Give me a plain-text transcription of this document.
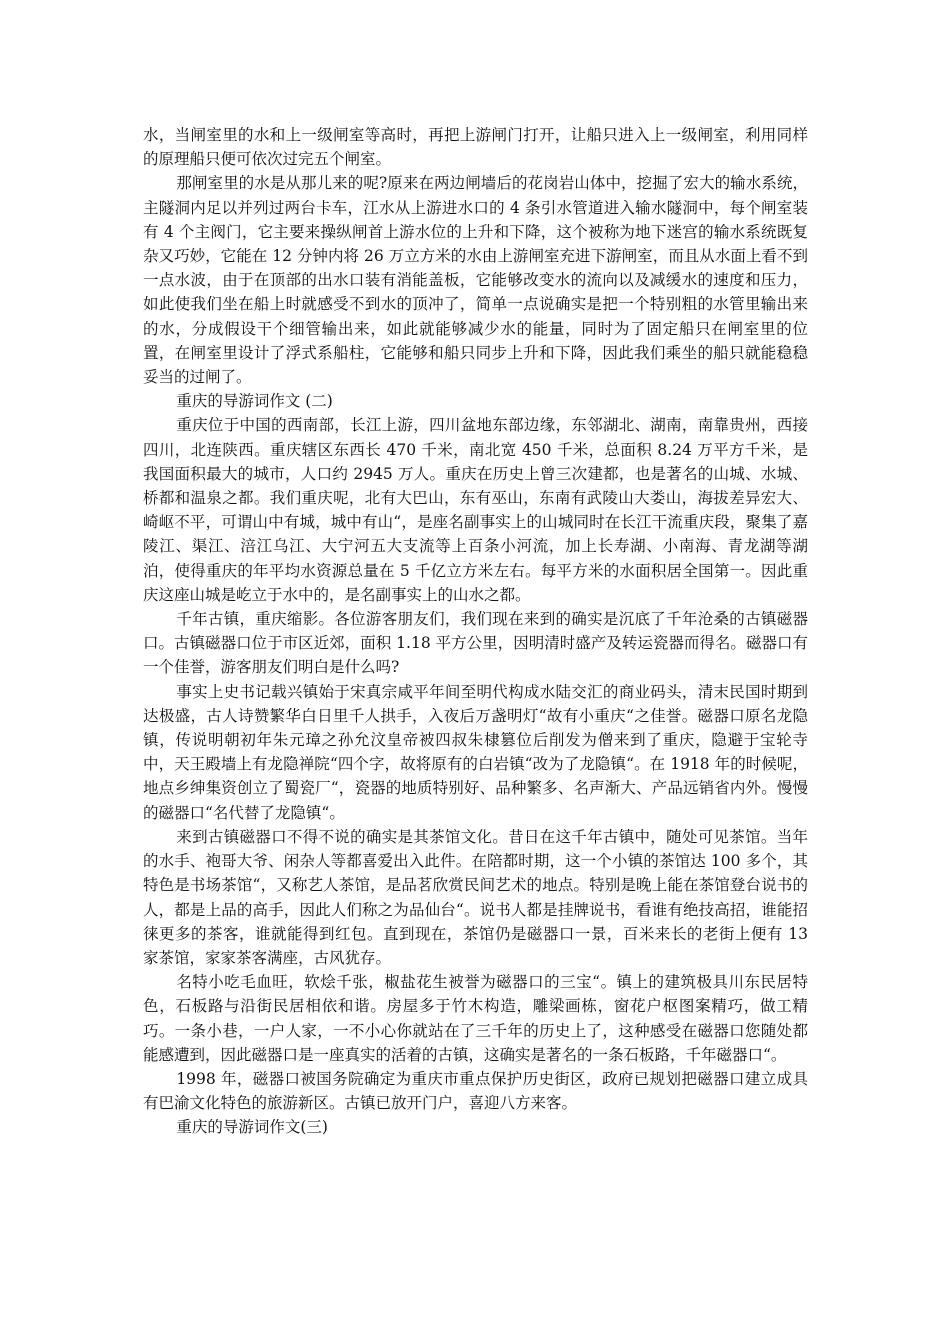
水，当闸室里的水和上一级闸室等高时，再把上游闸门打开，让船只进入上一级闸室，利用同样的原理船只便可依次过完五个闸室。

那闸室里的水是从那儿来的呢?原来在两边闸墙后的花岗岩山体中，挖掘了宏大的输水系统，主隧洞内足以并列过两台卡车，江水从上游进水口的 4 条引水管道进入输水隧洞中，每个闸室装有 4 个主阀门，它主要来操纵闸首上游水位的上升和下降，这个被称为地下迷宫的输水系统既复杂又巧妙，它能在 12 分钟内将 26 万立方米的水由上游闸室充进下游闸室，而且从水面上看不到一点水波，由于在顶部的出水口装有消能盖板，它能够改变水的流向以及减缓水的速度和压力，如此使我们坐在船上时就感受不到水的顶冲了，简单一点说确实是把一个特别粗的水管里输出来的水，分成假设干个细管输出来，如此就能够减少水的能量，同时为了固定船只在闸室里的位置，在闸室里设计了浮式系船柱，它能够和船只同步上升和下降，因此我们乘坐的船只就能稳稳妥当的过闸了。

重庆的导游词作文 (二)

重庆位于中国的西南部，长江上游，四川盆地东部边缘，东邻湖北、湖南，南靠贵州，西接四川，北连陕西。重庆辖区东西长 470 千米，南北宽 450 千米，总面积 8.24 万平方千米，是我国面积最大的城市，人口约 2945 万人。重庆在历史上曾三次建都，也是著名的山城、水城、桥都和温泉之都。我们重庆呢，北有大巴山，东有巫山，东南有武陵山大娄山，海拔差异宏大、崎岖不平，可谓山中有城，城中有山“，是座名副事实上的山城同时在长江干流重庆段，聚集了嘉陵江、渠江、涪江乌江、大宁河五大支流等上百条小河流，加上长寿湖、小南海、青龙湖等湖泊，使得重庆的年平均水资源总量在 5 千亿立方米左右。每平方米的水面积居全国第一。因此重庆这座山城是屹立于水中的，是名副事实上的山水之都。

千年古镇，重庆缩影。各位游客朋友们，我们现在来到的确实是沉底了千年沧桑的古镇磁器口。古镇磁器口位于市区近郊，面积 1.18 平方公里，因明清时盛产及转运瓷器而得名。磁器口有一个佳誉，游客朋友们明白是什么吗?

事实上史书记载兴镇始于宋真宗咸平年间至明代构成水陆交汇的商业码头，清末民国时期到达极盛，古人诗赞繁华白日里千人拱手，入夜后万盏明灯“故有小重庆“之佳誉。磁器口原名龙隐镇，传说明朝初年朱元璋之孙允汶皇帝被四叔朱棣篡位后削发为僧来到了重庆，隐避于宝轮寺中，天王殿墙上有龙隐禅院“四个字，故将原有的白岩镇“改为了龙隐镇“。在 1918 年的时候呢，地点乡绅集资创立了蜀瓷厂“，瓷器的地质特别好、品种繁多、名声渐大、产品远销省内外。慢慢的磁器口“名代替了龙隐镇“。

来到古镇磁器口不得不说的确实是其茶馆文化。昔日在这千年古镇中，随处可见茶馆。当年的水手、袍哥大爷、闲杂人等都喜爱出入此件。在陪都时期，这一个小镇的茶馆达 100 多个，其特色是书场茶馆“，又称艺人茶馆，是品茗欣赏民间艺术的地点。特别是晚上能在茶馆登台说书的人，都是上品的高手，因此人们称之为品仙台“。说书人都是挂牌说书，看谁有绝技高招，谁能招徕更多的茶客，谁就能得到红包。直到现在，茶馆仍是磁器口一景，百米来长的老街上便有 13 家茶馆，家家茶客满座，古风犹存。

名特小吃毛血旺，软烩千张，椒盐花生被誉为磁器口的三宝“。镇上的建筑极具川东民居特色，石板路与沿街民居相依和谐。房屋多于竹木构造，雕梁画栋，窗花户枢图案精巧，做工精巧。一条小巷，一户人家，一不小心你就站在了三千年的历史上了，这种感受在磁器口您随处都能感遭到，因此磁器口是一座真实的活着的古镇，这确实是著名的一条石板路，千年磁器口“。

1998 年，磁器口被国务院确定为重庆市重点保护历史街区，政府已规划把磁器口建立成具有巴渝文化特色的旅游新区。古镇已放开门户，喜迎八方来客。

重庆的导游词作文(三)
